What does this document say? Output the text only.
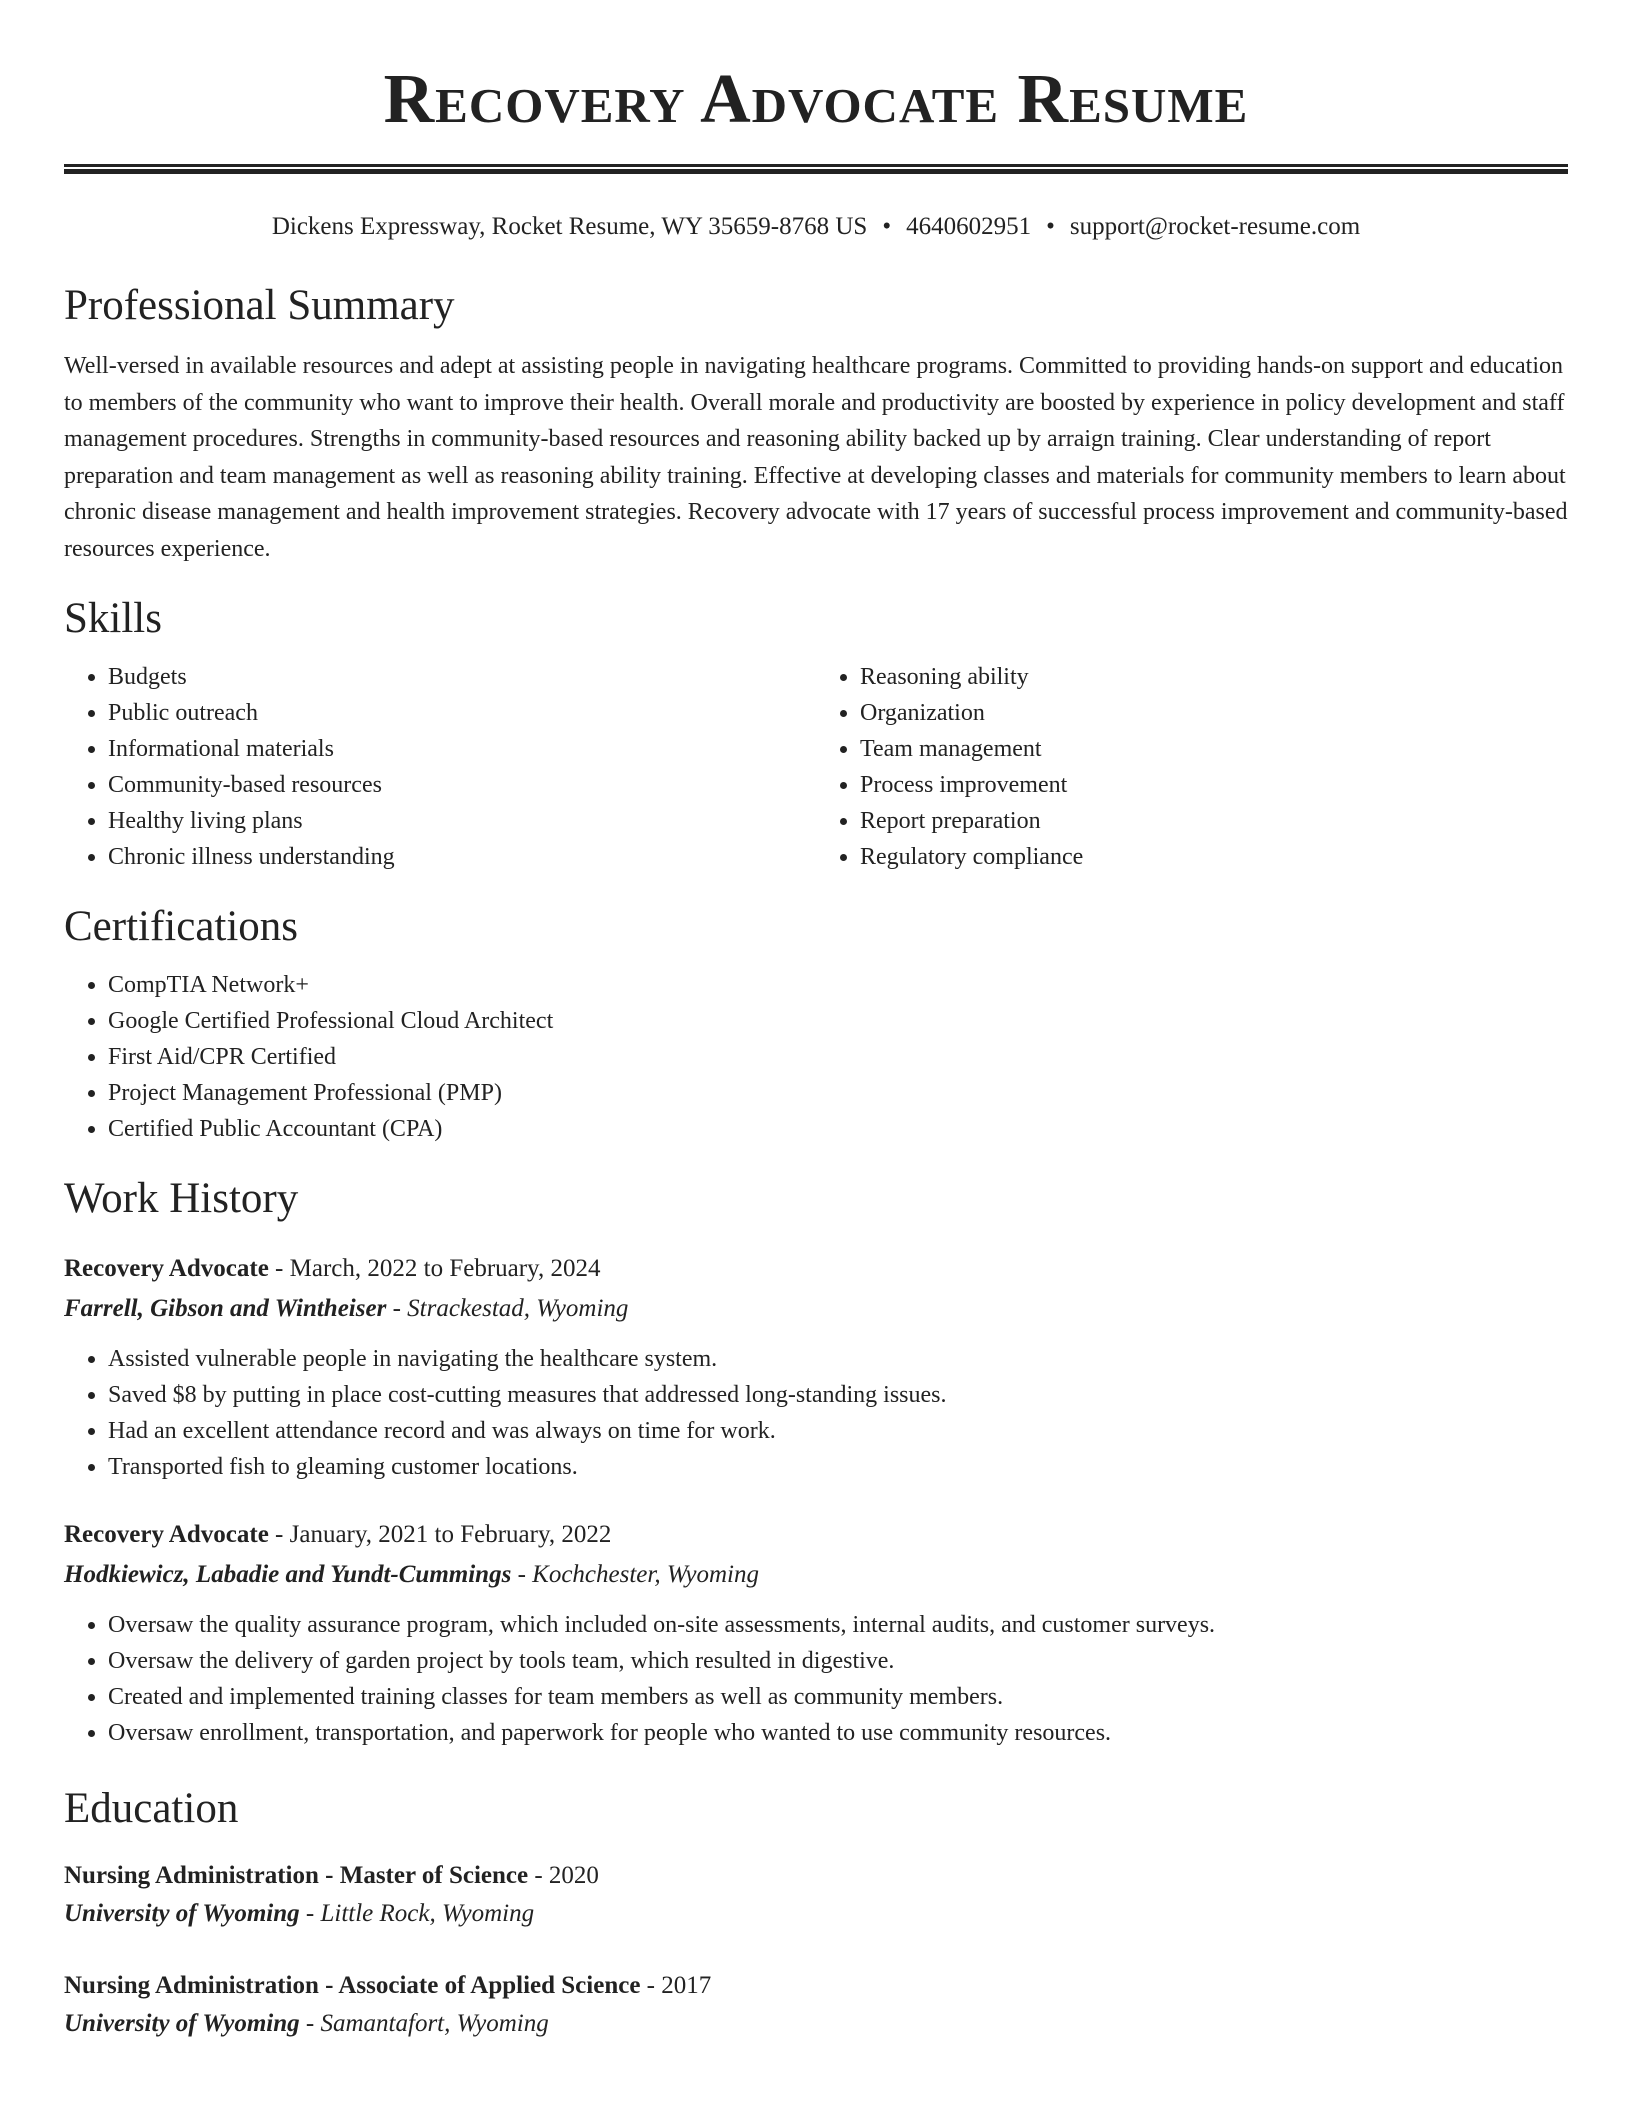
Recovery Advocate Resume
Dickens Expressway, Rocket Resume, WY 35659-8768 US • 4640602951 • support@rocket-resume.com
Professional Summary

Well-versed in available resources and adept at assisting people in navigating healthcare programs. Committed to providing hands-on support and education to members of the community who want to improve their health. Overall morale and productivity are boosted by experience in policy development and staff management procedures. Strengths in community-based resources and reasoning ability backed up by arraign training. Clear understanding of report preparation and team management as well as reasoning ability training. Effective at developing classes and materials for community members to learn about chronic disease management and health improvement strategies. Recovery advocate with 17 years of successful process improvement and community-based resources experience.

Skills
• Budgets
• Public outreach
• Informational materials
• Community-based resources
• Healthy living plans
• Chronic illness understanding
• Reasoning ability
• Organization
• Team management
• Process improvement
• Report preparation
• Regulatory compliance
Certifications
• CompTIA Network+
• Google Certified Professional Cloud Architect
• First Aid/CPR Certified
• Project Management Professional (PMP)
• Certified Public Accountant (CPA)
Work History
Recovery Advocate - March, 2022 to February, 2024
Farrell, Gibson and Wintheiser - Strackestad, Wyoming
• Assisted vulnerable people in navigating the healthcare system.
• Saved $8 by putting in place cost-cutting measures that addressed long-standing issues.
• Had an excellent attendance record and was always on time for work.
• Transported fish to gleaming customer locations.
Recovery Advocate - January, 2021 to February, 2022
Hodkiewicz, Labadie and Yundt-Cummings - Kochchester, Wyoming
• Oversaw the quality assurance program, which included on-site assessments, internal audits, and customer surveys.
• Oversaw the delivery of garden project by tools team, which resulted in digestive.
• Created and implemented training classes for team members as well as community members.
• Oversaw enrollment, transportation, and paperwork for people who wanted to use community resources.
Education
Nursing Administration - Master of Science - 2020
University of Wyoming - Little Rock, Wyoming
Nursing Administration - Associate of Applied Science - 2017
University of Wyoming - Samantafort, Wyoming
